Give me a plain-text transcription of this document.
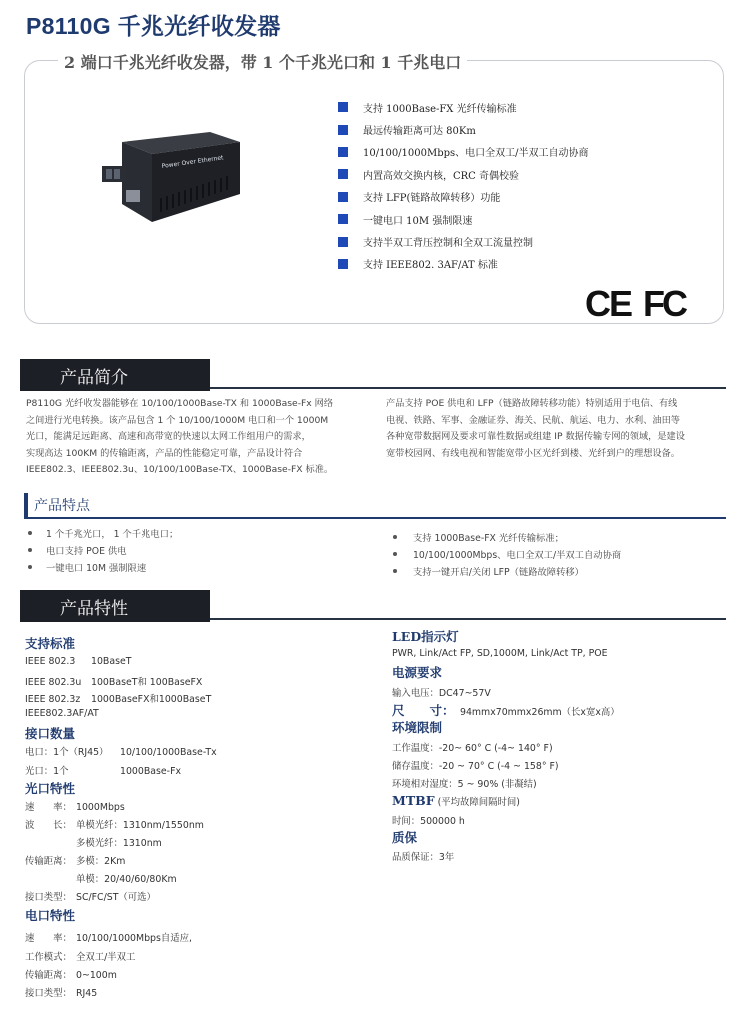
P8110G 千兆光纤收发器
2 端口千兆光纤收发器，带 1 个千兆光口和 1 千兆电口
Power Over Ethernet
支持 1000Base-FX 光纤传输标准
最远传输距离可达 80Km
10/100/1000Mbps、电口全双工/半双工自动协商
内置高效交换内核，CRC 奇偶校验
支持 LFP(链路故障转移）功能
一键电口 10M 强制限速
支持半双工背压控制和全双工流量控制
支持 IEEE802. 3AF/AT 标准
CE FC
产品简介
P8110G 光纤收发器能够在 10/100/1000Base-TX 和 1000Base-Fx 网络
之间进行光电转换。该产品包含 1 个 10/100/1000M 电口和一个 1000M
光口，能满足远距离、高速和高带宽的快速以太网工作组用户的需求，
实现高达 100KM 的传输距离，产品的性能稳定可靠，产品设计符合
IEEE802.3、IEEE802.3u、10/100/100Base-TX、1000Base-FX 标准。
产品支持 POE 供电和 LFP（链路故障转移功能）特别适用于电信、有线
电视、铁路、军事、金融证券、海关、民航、航运、电力、水利、油田等
各种宽带数据网及要求可靠性数据或组建 IP 数据传输专网的领域，是建设
宽带校园网、有线电视和智能宽带小区光纤到楼、光纤到户的理想设备。
产品特点
1 个千兆光口， 1 个千兆电口；
电口支持 POE 供电
一键电口 10M 强制限速
支持 1000Base-FX 光纤传输标准；
10/100/1000Mbps、电口全双工/半双工自动协商
支持一键开启/关闭 LFP（链路故障转移）
产品特性
支持标准
IEEE 802.3 10BaseT
IEEE 802.3u 100BaseT和 100BaseFX
IEEE 802.3z 1000BaseFX和1000BaseT
IEEE802.3AF/AT
接口数量
电口：1个（RJ45） 10/100/1000Base-Tx
光口：1个	1000Base-Fx
光口特性
速　　率： 1000Mbps
波　　长： 单模光纤：1310nm/1550nm
多模光纤：1310nm
传输距离： 多模：2Km
单模：20/40/60/80Km
接口类型： SC/FC/ST（可选）
电口特性
速　　率： 10/100/1000Mbps自适应,
工作模式： 全双工/半双工
传输距离： 0~100m
接口类型： RJ45
LED指示灯
PWR, Link/Act FP, SD,1000M, Link/Act TP, POE
电源要求
输入电压：DC47~57V
尺　　寸： 94mmx70mmx26mm（长x宽x高）
环境限制
工作温度：-20~ 60° C (-4~ 140° F)
储存温度：-20 ~ 70° C (-4 ~ 158° F)
环境相对湿度：5 ~ 90% (非凝结)
MTBF (平均故障间隔时间)
时间：500000 h
质保
品质保证：3年
